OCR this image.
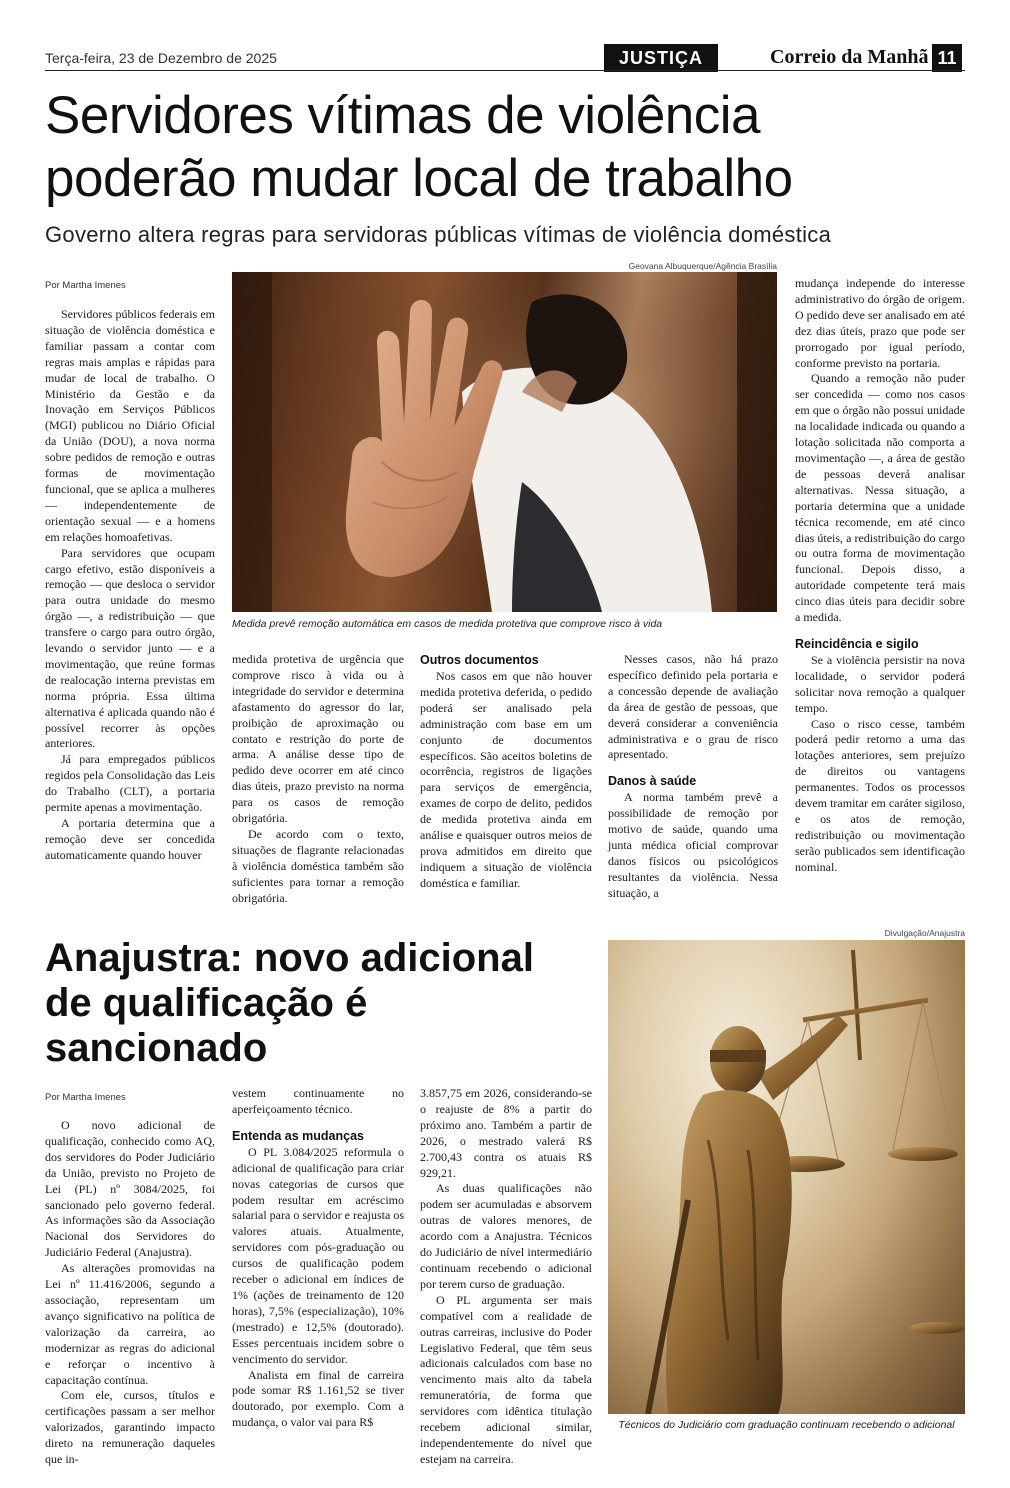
Terça-feira, 23 de Dezembro de 2025	JUSTIÇA	Correio da Manhã 11
Servidores vítimas de violência poderão mudar local de trabalho
Governo altera regras para servidoras públicas vítimas de violência doméstica
Por Martha Imenes
Geovana Albuquerque/Agência Brasília
Medida prevê remoção automática em casos de medida protetiva que comprove risco à vida

Servidores públicos federais em situação de violência doméstica e familiar passam a contar com regras mais amplas e rápidas para mudar de local de trabalho. O Ministério da Gestão e da Inovação em Serviços Públicos (MGI) publicou no Diário Oficial da União (DOU), a nova norma sobre pedidos de remoção e outras formas de movimentação funcional, que se aplica a mulheres — independentemente de orientação sexual — e a homens em relações homoafetivas.

Para servidores que ocupam cargo efetivo, estão disponíveis a remoção — que desloca o servidor para outra unidade do mesmo órgão —, a redistribuição — que transfere o cargo para outro órgão, levando o servidor junto — e a movimentação, que reúne formas de realocação interna previstas em norma própria. Essa última alternativa é aplicada quando não é possível recorrer às opções anteriores.

Já para empregados públicos regidos pela Consolidação das Leis do Trabalho (CLT), a portaria permite apenas a movimentação.

A portaria determina que a remoção deve ser concedida automaticamente quando houver

medida protetiva de urgência que comprove risco à vida ou à integridade do servidor e determina afastamento do agressor do lar, proibição de aproximação ou contato e restrição do porte de arma. A análise desse tipo de pedido deve ocorrer em até cinco dias úteis, prazo previsto na norma para os casos de remoção obrigatória.

De acordo com o texto, situações de flagrante relacionadas à violência doméstica também são suficientes para tornar a remoção obrigatória.

Outros documentos

Nos casos em que não houver medida protetiva deferida, o pedido poderá ser analisado pela administração com base em um conjunto de documentos específicos. São aceitos boletins de ocorrência, registros de ligações para serviços de emergência, exames de corpo de delito, pedidos de medida protetiva ainda em análise e quaisquer outros meios de prova admitidos em direito que indiquem a situação de violência doméstica e familiar.

Nesses casos, não há prazo específico definido pela portaria e a concessão depende de avaliação da área de gestão de pessoas, que deverá considerar a conveniência administrativa e o grau de risco apresentado.

Danos à saúde

A norma também prevê a possibilidade de remoção por motivo de saúde, quando uma junta médica oficial comprovar danos físicos ou psicológicos resultantes da violência. Nessa situação, a

mudança independe do interesse administrativo do órgão de origem. O pedido deve ser analisado em até dez dias úteis, prazo que pode ser prorrogado por igual período, conforme previsto na portaria.

Quando a remoção não puder ser concedida — como nos casos em que o órgão não possui unidade na localidade indicada ou quando a lotação solicitada não comporta a movimentação —, a área de gestão de pessoas deverá analisar alternativas. Nessa situação, a portaria determina que a unidade técnica recomende, em até cinco dias úteis, a redistribuição do cargo ou outra forma de movimentação funcional. Depois disso, a autoridade competente terá mais cinco dias úteis para decidir sobre a medida.

Reincidência e sigilo

Se a violência persistir na nova localidade, o servidor poderá solicitar nova remoção a qualquer tempo.

Caso o risco cesse, também poderá pedir retorno a uma das lotações anteriores, sem prejuízo de direitos ou vantagens permanentes. Todos os processos devem tramitar em caráter sigiloso, e os atos de remoção, redistribuição ou movimentação serão publicados sem identificação nominal.

Anajustra: novo adicional de qualificação é sancionado
Por Martha Imenes
Divulgação/Anajustra
Técnicos do Judiciário com graduação continuam recebendo o adicional

O novo adicional de qualificação, conhecido como AQ, dos servidores do Poder Judiciário da União, previsto no Projeto de Lei (PL) nº 3084/2025, foi sancionado pelo governo federal. As informações são da Associação Nacional dos Servidores do Judiciário Federal (Anajustra).

As alterações promovidas na Lei nº 11.416/2006, segundo a associação, representam um avanço significativo na política de valorização da carreira, ao modernizar as regras do adicional e reforçar o incentivo à capacitação contínua.

Com ele, cursos, títulos e certificações passam a ser melhor valorizados, garantindo impacto direto na remuneração daqueles que in-

vestem continuamente no aperfeiçoamento técnico.

Entenda as mudanças

O PL 3.084/2025 reformula o adicional de qualificação para criar novas categorias de cursos que podem resultar em acréscimo salarial para o servidor e reajusta os valores atuais. Atualmente, servidores com pós-graduação ou cursos de qualificação podem receber o adicional em índices de 1% (ações de treinamento de 120 horas), 7,5% (especialização), 10% (mestrado) e 12,5% (doutorado). Esses percentuais incidem sobre o vencimento do servidor.

Analista em final de carreira pode somar R$ 1.161,52 se tiver doutorado, por exemplo. Com a mudança, o valor vai para R$

3.857,75 em 2026, considerando-se o reajuste de 8% a partir do próximo ano. Também a partir de 2026, o mestrado valerá R$ 2.700,43 contra os atuais R$ 929,21.

As duas qualificações não podem ser acumuladas e absorvem outras de valores menores, de acordo com a Anajustra. Técnicos do Judiciário de nível intermediário continuam recebendo o adicional por terem curso de graduação.

O PL argumenta ser mais compatível com a realidade de outras carreiras, inclusive do Poder Legislativo Federal, que têm seus adicionais calculados com base no vencimento mais alto da tabela remuneratória, de forma que servidores com idêntica titulação recebem adicional similar, independentemente do nível que estejam na carreira.
